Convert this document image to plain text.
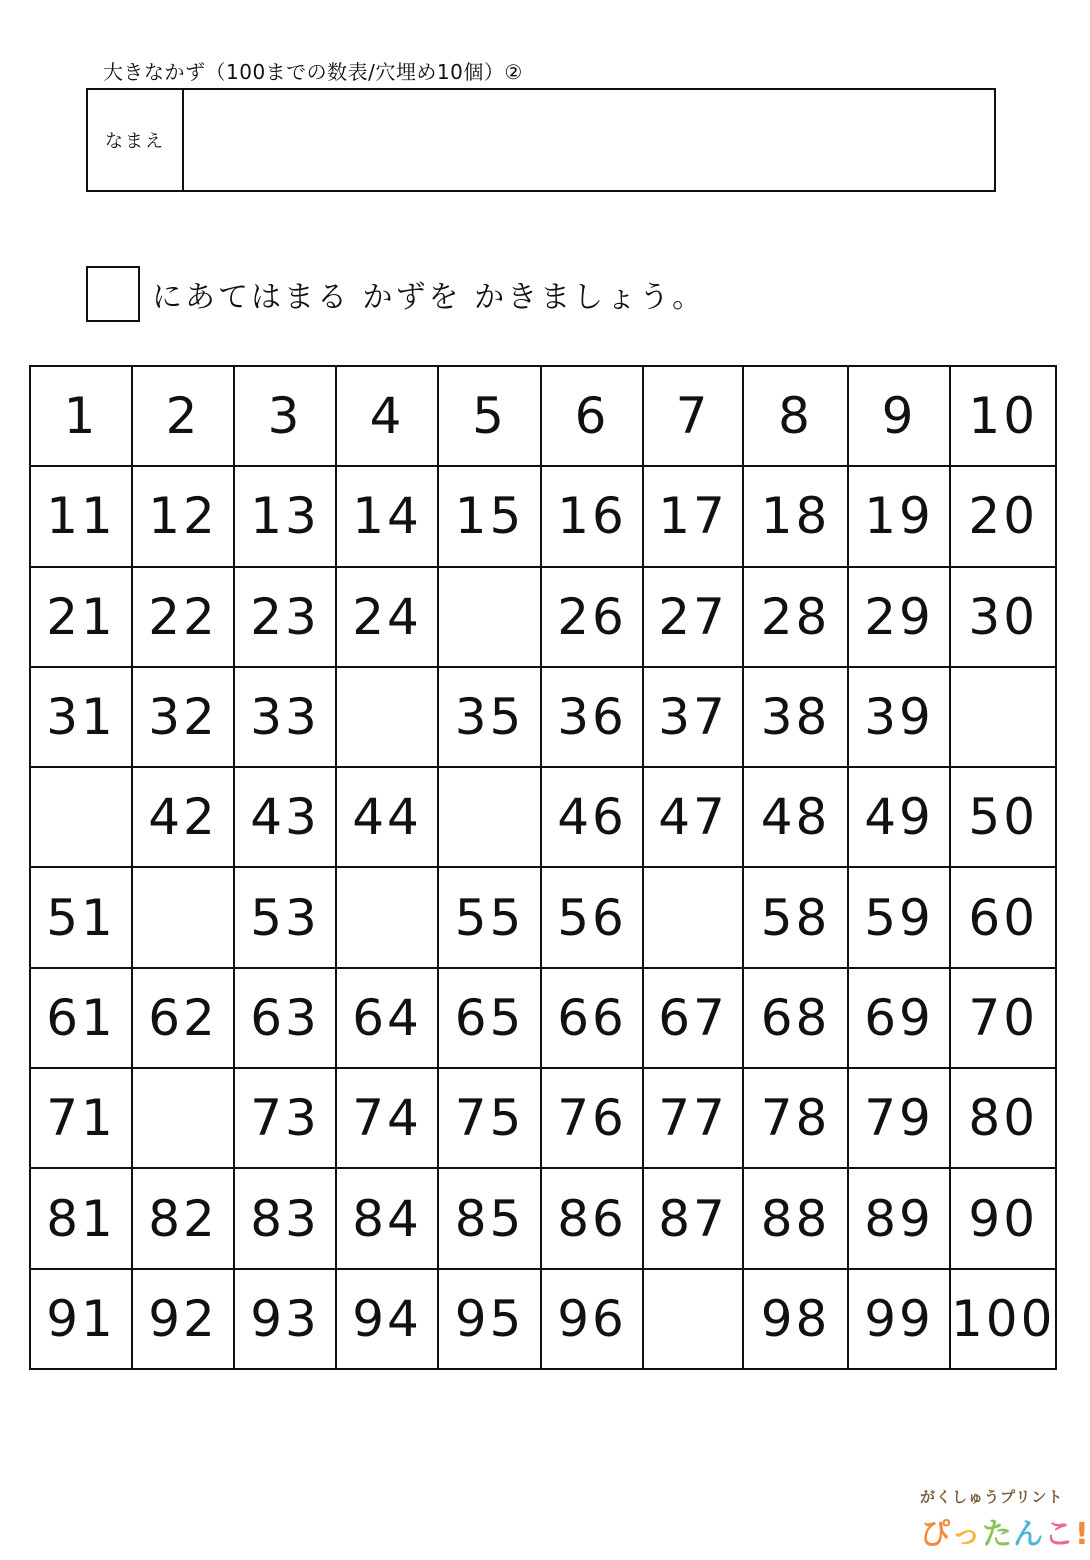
大きなかず（100までの数表/穴埋め10個）②
なまえ
にあてはまる かずを かきましょう。
1	2	3	4	5	6	7	8	9	10
11	12	13	14	15	16	17	18	19	20
21	22	23	24		26	27	28	29	30
31	32	33		35	36	37	38	39	
	42	43	44		46	47	48	49	50
51		53		55	56		58	59	60
61	62	63	64	65	66	67	68	69	70
71		73	74	75	76	77	78	79	80
81	82	83	84	85	86	87	88	89	90
91	92	93	94	95	96		98	99	100
がくしゅうプリント
ぴったんこ!
